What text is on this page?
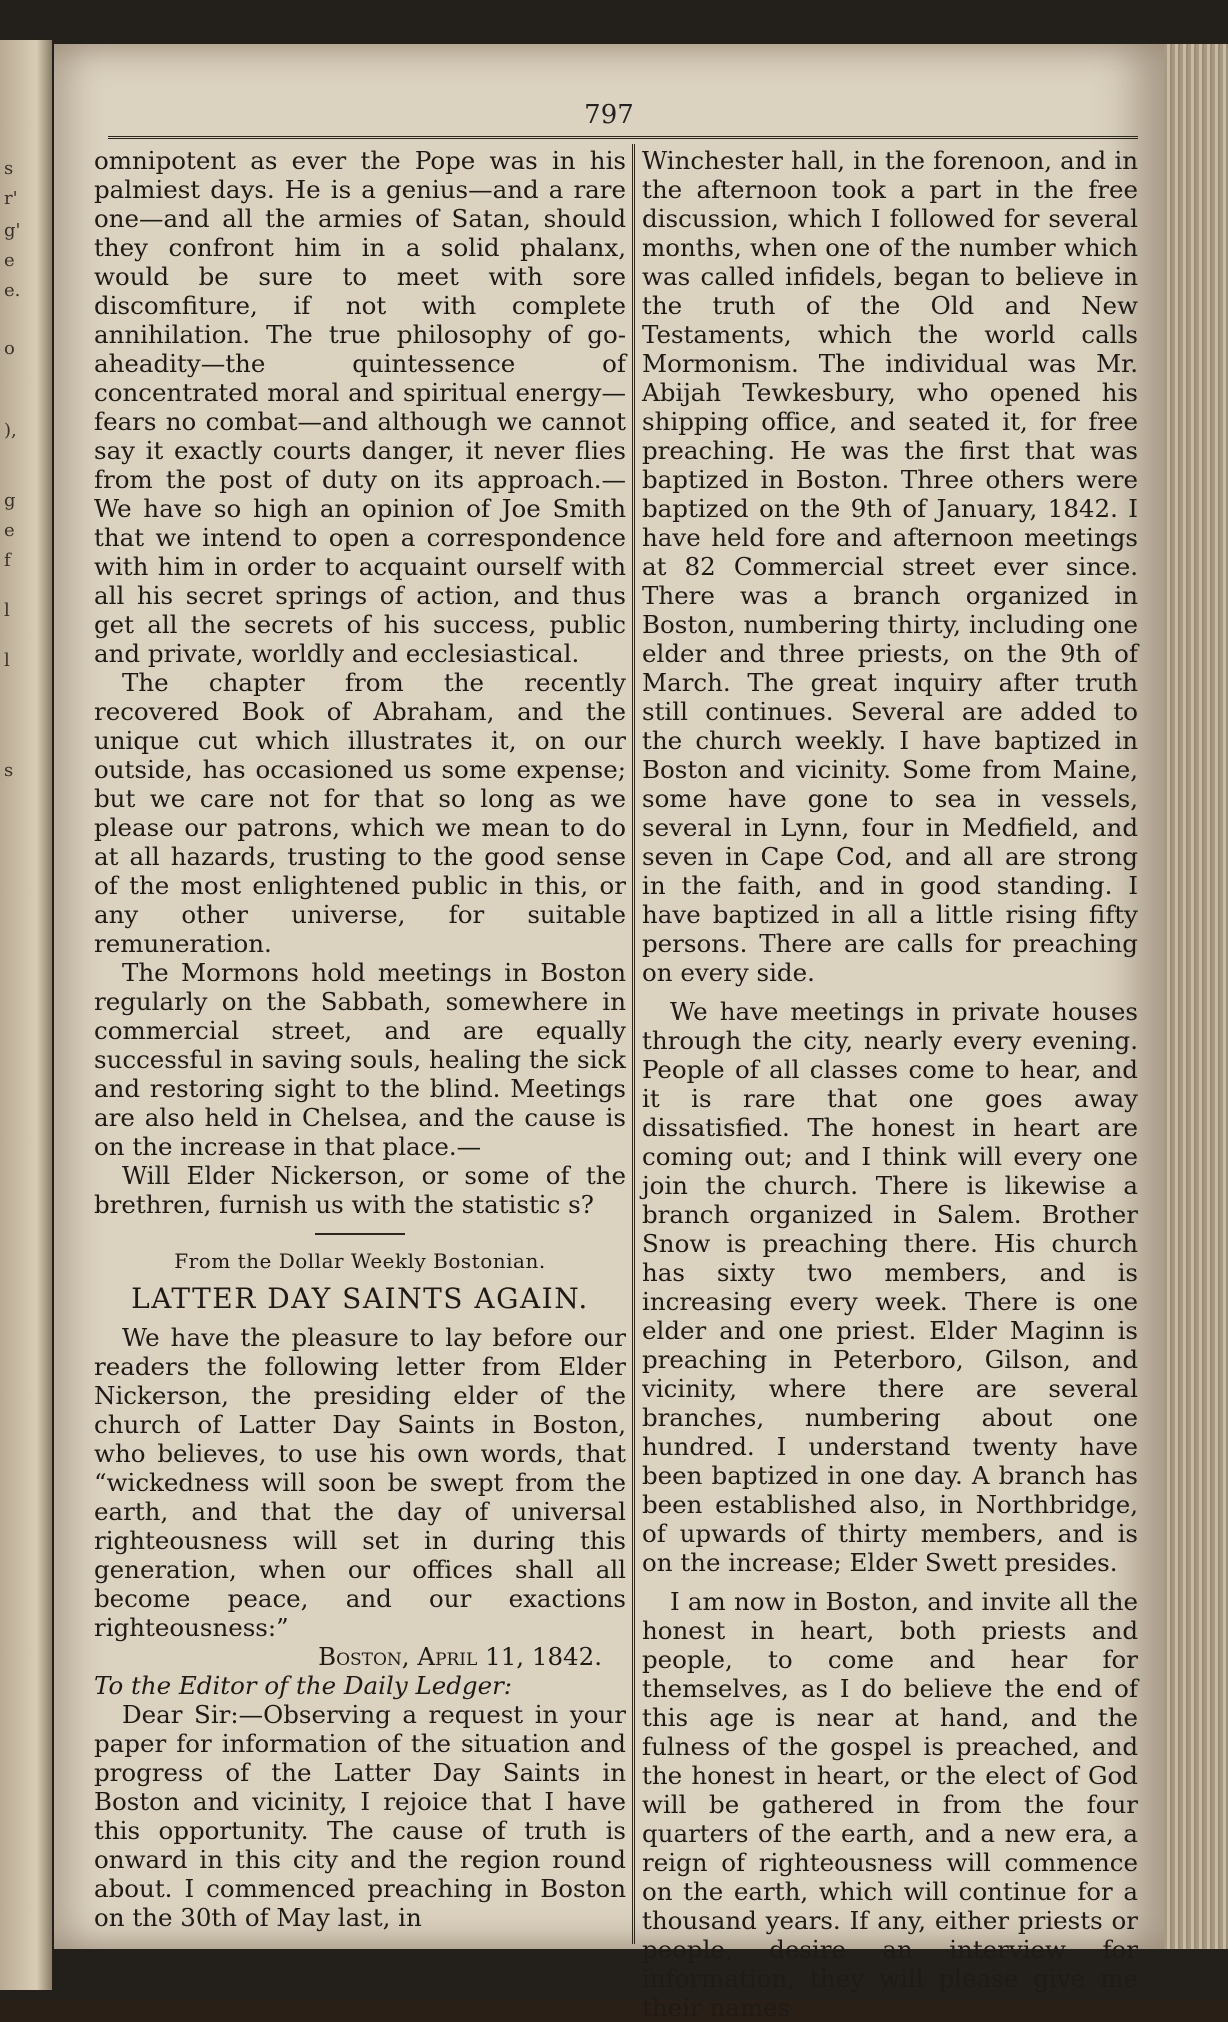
s
r'
g'
e
e.
o
),
g
e
f
l
l
s
797

omnipotent as ever the Pope was in his palmiest days. He is a genius—and a rare one—and all the armies of Satan, should they confront him in a solid phalanx, would be sure to meet with sore discomfiture, if not with complete annihilation. The true philosophy of go-aheadity—the quintessence of concentrated moral and spiritual energy—fears no combat—and although we cannot say it exactly courts danger, it never flies from the post of duty on its approach.—We have so high an opinion of Joe Smith that we intend to open a correspondence with him in order to acquaint ourself with all his secret springs of action, and thus get all the secrets of his success, public and private, worldly and ecclesiastical.

The chapter from the recently recovered Book of Abraham, and the unique cut which illustrates it, on our outside, has occasioned us some expense; but we care not for that so long as we please our patrons, which we mean to do at all hazards, trusting to the good sense of the most enlightened public in this, or any other universe, for suitable remuneration.

The Mormons hold meetings in Boston regularly on the Sabbath, somewhere in commercial street, and are equally successful in saving souls, healing the sick and restoring sight to the blind. Meetings are also held in Chelsea, and the cause is on the increase in that place.—

Will Elder Nickerson, or some of the brethren, furnish us with the statistic s?

From the Dollar Weekly Bostonian.

LATTER DAY SAINTS AGAIN.

We have the pleasure to lay before our readers the following letter from Elder Nickerson, the presiding elder of the church of Latter Day Saints in Boston, who believes, to use his own words, that “wickedness will soon be swept from the earth, and that the day of universal righteousness will set in during this generation, when our offices shall all become peace, and our exactions righteousness:”

Boston, April 11, 1842.

To the Editor of the Daily Ledger:

Dear Sir:—Observing a request in your paper for information of the situation and progress of the Latter Day Saints in Boston and vicinity, I rejoice that I have this opportunity. The cause of truth is onward in this city and the region round about. I commenced preaching in Boston on the 30th of May last, in

Winchester hall, in the forenoon, and in the afternoon took a part in the free discussion, which I followed for several months, when one of the number which was called infidels, began to believe in the truth of the Old and New Testaments, which the world calls Mormonism. The individual was Mr. Abijah Tewkesbury, who opened his shipping office, and seated it, for free preaching. He was the first that was baptized in Boston. Three others were baptized on the 9th of January, 1842. I have held fore and afternoon meetings at 82 Commercial street ever since. There was a branch organized in Boston, numbering thirty, including one elder and three priests, on the 9th of March. The great inquiry after truth still continues. Several are added to the church weekly. I have baptized in Boston and vicinity. Some from Maine, some have gone to sea in vessels, several in Lynn, four in Medfield, and seven in Cape Cod, and all are strong in the faith, and in good standing. I have baptized in all a little rising fifty persons. There are calls for preaching on every side.

We have meetings in private houses through the city, nearly every evening. People of all classes come to hear, and it is rare that one goes away dissatisfied. The honest in heart are coming out; and I think will every one join the church. There is likewise a branch organized in Salem. Brother Snow is preaching there. His church has sixty two members, and is increasing every week. There is one elder and one priest. Elder Maginn is preaching in Peterboro, Gilson, and vicinity, where there are several branches, numbering about one hundred. I understand twenty have been baptized in one day. A branch has been established also, in Northbridge, of upwards of thirty members, and is on the increase; Elder Swett presides.

I am now in Boston, and invite all the honest in heart, both priests and people, to come and hear for themselves, as I do believe the end of this age is near at hand, and the fulness of the gospel is preached, and the honest in heart, or the elect of God will be gathered in from the four quarters of the earth, and a new era, a reign of righteousness will commence on the earth, which will continue for a thousand years. If any, either priests or people, desire an interview for information, they will please give me their names
